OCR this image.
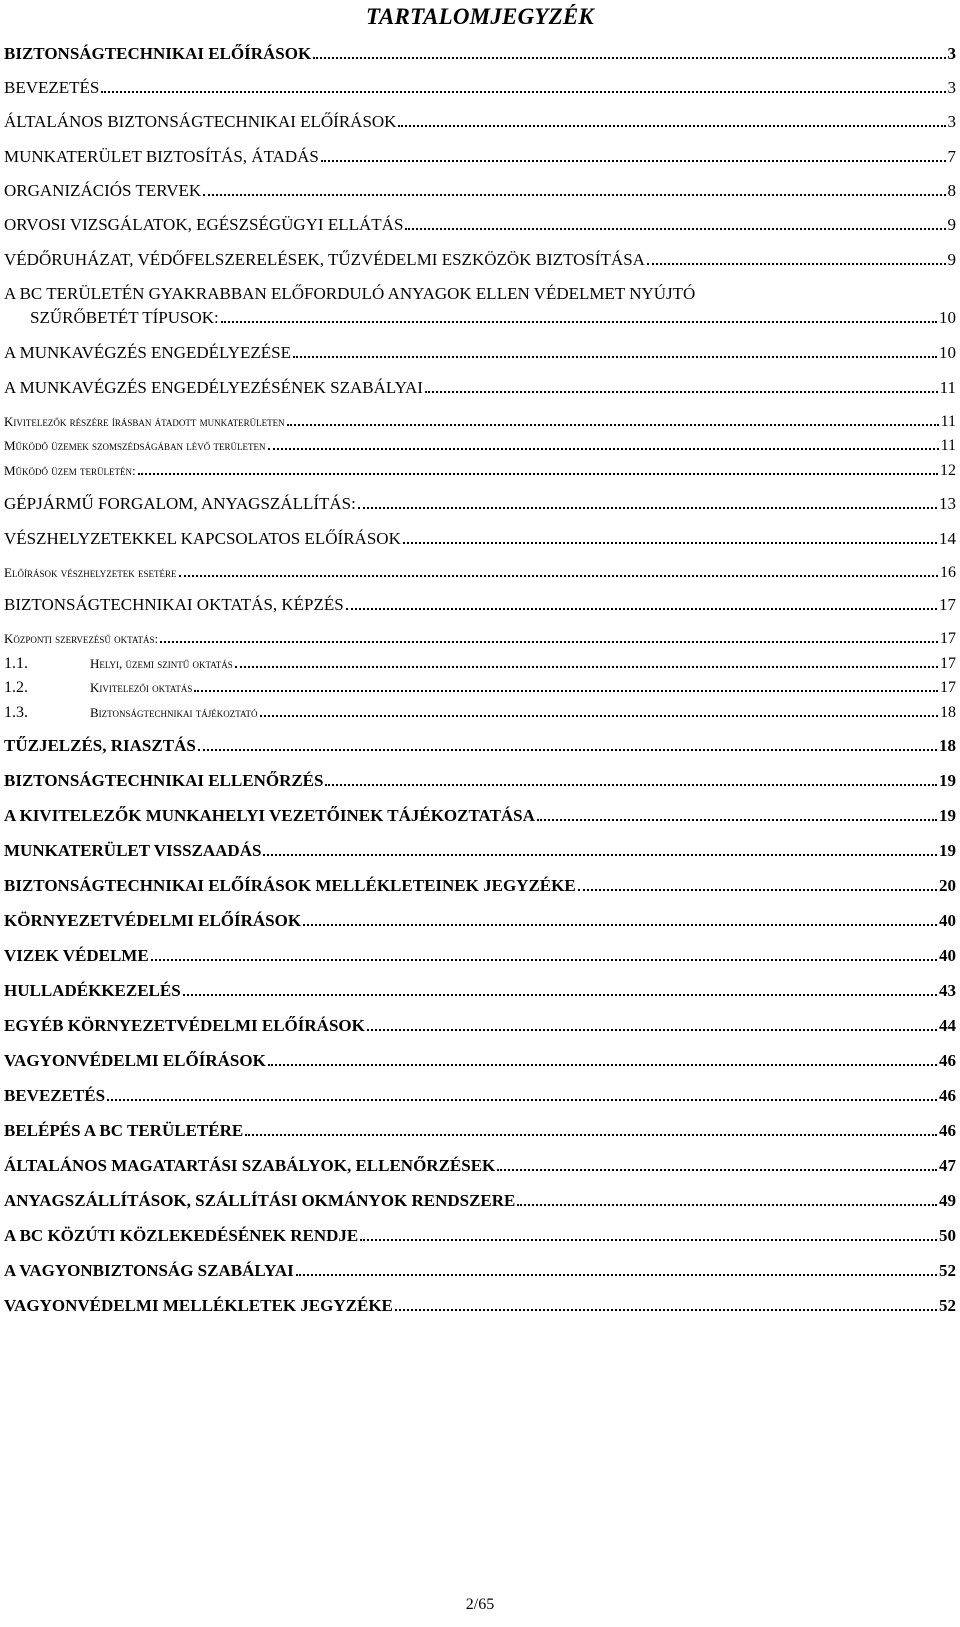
TARTALOMJEGYZÉK
BIZTONSÁGTECHNIKAI ELŐÍRÁSOK	3
BEVEZETÉS	3
ÁLTALÁNOS BIZTONSÁGTECHNIKAI ELŐÍRÁSOK	3
MUNKATERÜLET BIZTOSÍTÁS, ÁTADÁS	7
ORGANIZÁCIÓS TERVEK	8
ORVOSI VIZSGÁLATOK, EGÉSZSÉGÜGYI ELLÁTÁS	9
VÉDŐRUHÁZAT, VÉDŐFELSZERELÉSEK, TŰZVÉDELMI ESZKÖZÖK BIZTOSÍTÁSA	9
A BC TERÜLETÉN GYAKRABBAN ELŐFORDULÓ ANYAGOK ELLEN VÉDELMET NYÚJTÓ
SZŰRŐBETÉT TÍPUSOK:	10
A MUNKAVÉGZÉS ENGEDÉLYEZÉSE	10
A MUNKAVÉGZÉS ENGEDÉLYEZÉSÉNEK SZABÁLYAI	11
Kivitelezők részére írásban átadott munkaterületen	11
Működő üzemek szomszédságában lévő területen	11
Működő üzem területén:	12
GÉPJÁRMŰ FORGALOM, ANYAGSZÁLLÍTÁS:	13
VÉSZHELYZETEKKEL KAPCSOLATOS ELŐÍRÁSOK	14
Előírások vészhelyzetek esetére	16
BIZTONSÁGTECHNIKAI OKTATÁS, KÉPZÉS	17
Központi szervezésű oktatás:	17
1.1.	Helyi, üzemi szintű oktatás	17
1.2.	Kivitelezői oktatás	17
1.3.	Biztonságtechnikai tájékoztató	18
TŰZJELZÉS, RIASZTÁS	18
BIZTONSÁGTECHNIKAI ELLENŐRZÉS	19
A KIVITELEZŐK MUNKAHELYI VEZETŐINEK TÁJÉKOZTATÁSA	19
MUNKATERÜLET VISSZAADÁS	19
BIZTONSÁGTECHNIKAI ELŐÍRÁSOK MELLÉKLETEINEK JEGYZÉKE	20
KÖRNYEZETVÉDELMI ELŐÍRÁSOK	40
VIZEK VÉDELME	40
HULLADÉKKEZELÉS	43
EGYÉB KÖRNYEZETVÉDELMI ELŐÍRÁSOK	44
VAGYONVÉDELMI ELŐÍRÁSOK	46
BEVEZETÉS	46
BELÉPÉS A BC TERÜLETÉRE	46
ÁLTALÁNOS MAGATARTÁSI SZABÁLYOK, ELLENŐRZÉSEK	47
ANYAGSZÁLLÍTÁSOK, SZÁLLÍTÁSI OKMÁNYOK RENDSZERE	49
A BC KÖZÚTI KÖZLEKEDÉSÉNEK RENDJE	50
A VAGYONBIZTONSÁG SZABÁLYAI	52
VAGYONVÉDELMI MELLÉKLETEK JEGYZÉKE	52
2/65
